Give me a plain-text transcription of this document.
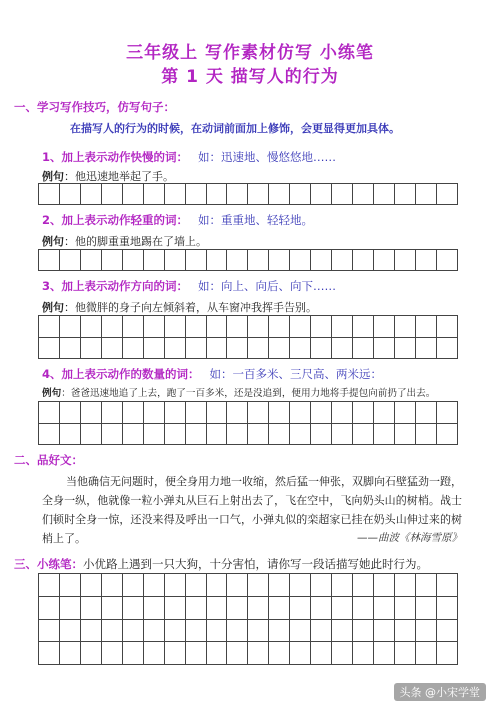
三年级上 写作素材仿写 小练笔
第 1 天 描写人的行为
一、学习写作技巧，仿写句子：
在描写人的行为的时候，在动词前面加上修饰，会更显得更加具体。
1、加上表示动作快慢的词： 如：迅速地、慢悠悠地……
例句：他迅速地举起了手。

2、加上表示动作轻重的词： 如：重重地、轻轻地。
例句：他的脚重重地踢在了墙上。

3、加上表示动作方向的词： 如：向上、向后、向下……
例句：他微胖的身子向左倾斜着，从车窗冲我挥手告别。

4、加上表示动作的数量的词： 如：一百多米、三尺高、两米远：
例句：爸爸迅速地追了上去，跑了一百多米，还是没追到，便用力地将手提包向前扔了出去。

二、品好文：
当他确信无问题时，便全身用力地一收缩，然后猛一伸张，双脚向石壁猛劲一蹬，全身一纵，他就像一粒小弹丸从巨石上射出去了，飞在空中，飞向奶头山的树梢。战士们顿时全身一惊，还没来得及呼出一口气，小弹丸似的栾超家已挂在奶头山伸过来的树梢上了。	——曲波《林海雪原》
三、小练笔：小优路上遇到一只大狗，十分害怕，请你写一段话描写她此时行为。

头条 @小宋学堂
